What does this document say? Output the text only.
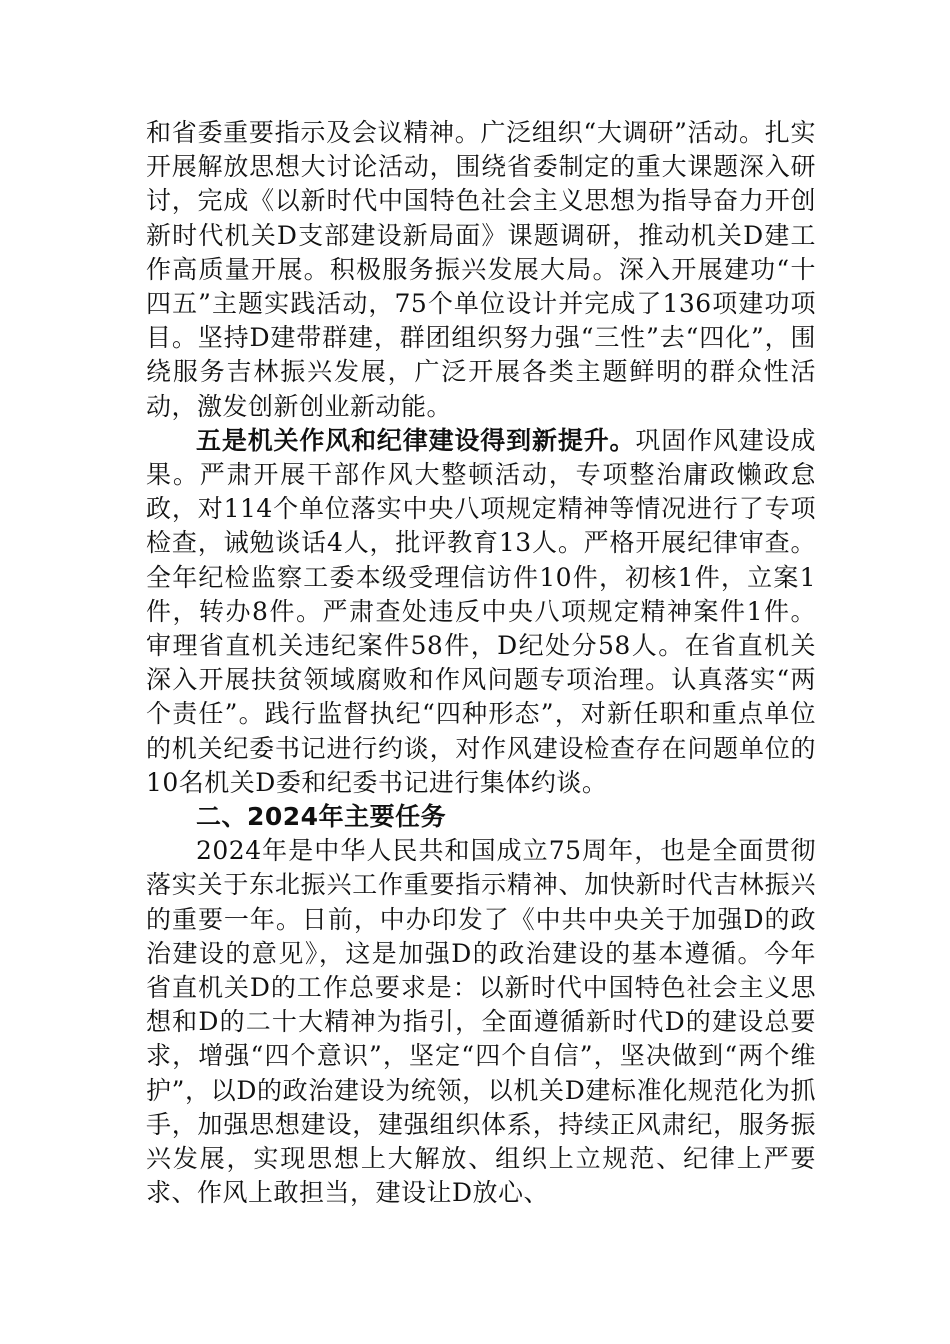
和省委重要指示及会议精神。广泛组织“大调研”活动。扎实开展解放思想大讨论活动，围绕省委制定的重大课题深入研讨，完成《以新时代中国特色社会主义思想为指导奋力开创新时代机关D支部建设新局面》课题调研，推动机关D建工作高质量开展。积极服务振兴发展大局。深入开展建功“十四五”主题实践活动，75个单位设计并完成了136项建功项目。坚持D建带群建，群团组织努力强“三性”去“四化”，围绕服务吉林振兴发展，广泛开展各类主题鲜明的群众性活动，激发创新创业新动能。

五是机关作风和纪律建设得到新提升。巩固作风建设成果。严肃开展干部作风大整顿活动，专项整治庸政懒政怠政，对114个单位落实中央八项规定精神等情况进行了专项检查，诫勉谈话4人，批评教育13人。严格开展纪律审查。全年纪检监察工委本级受理信访件10件，初核1件，立案1件，转办8件。严肃查处违反中央八项规定精神案件1件。审理省直机关违纪案件58件，D纪处分58人。在省直机关深入开展扶贫领域腐败和作风问题专项治理。认真落实“两个责任”。践行监督执纪“四种形态”，对新任职和重点单位的机关纪委书记进行约谈，对作风建设检查存在问题单位的10名机关D委和纪委书记进行集体约谈。

二、2024年主要任务

2024年是中华人民共和国成立75周年，也是全面贯彻落实关于东北振兴工作重要指示精神、加快新时代吉林振兴的重要一年。日前，中办印发了《中共中央关于加强D的政治建设的意见》，这是加强D的政治建设的基本遵循。今年省直机关D的工作总要求是：以新时代中国特色社会主义思想和D的二十大精神为指引，全面遵循新时代D的建设总要求，增强“四个意识”，坚定“四个自信”，坚决做到“两个维护”，以D的政治建设为统领，以机关D建标准化规范化为抓手，加强思想建设，建强组织体系，持续正风肃纪，服务振兴发展，实现思想上大解放、组织上立规范、纪律上严要求、作风上敢担当，建设让D放心、
